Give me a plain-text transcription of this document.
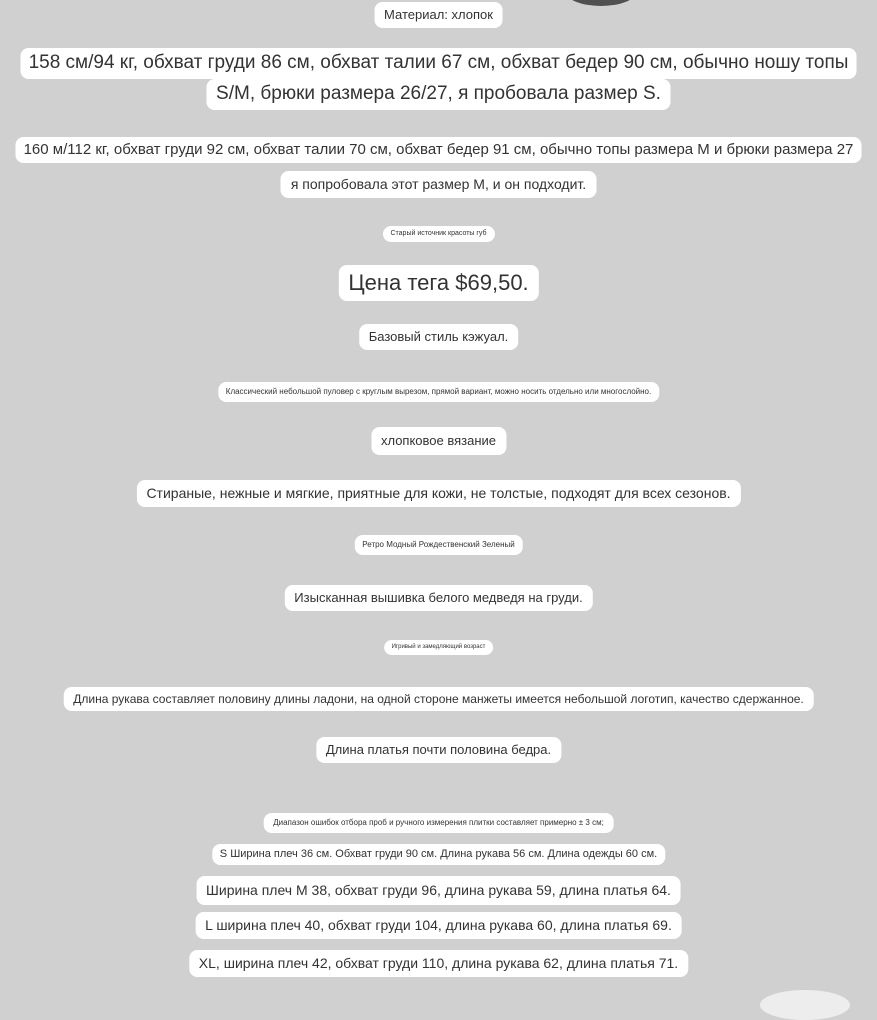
Материал: хлопок
158 см/94 кг, обхват груди 86 см, обхват талии 67 см, обхват бедер 90 см, обычно ношу топы
S/M, брюки размера 26/27, я пробовала размер S.
160 м/112 кг, обхват груди 92 см, обхват талии 70 см, обхват бедер 91 см, обычно топы размера M и брюки размера 27
я попробовала этот размер M, и он подходит.
Старый источник красоты губ
Цена тега $69,50.
Базовый стиль кэжуал.
Классический небольшой пуловер с круглым вырезом, прямой вариант, можно носить отдельно или многослойно.
хлопковое вязание
Стираные, нежные и мягкие, приятные для кожи, не толстые, подходят для всех сезонов.
Ретро Модный Рождественский Зеленый
Изысканная вышивка белого медведя на груди.
Игривый и замедляющий возраст
Длина рукава составляет половину длины ладони, на одной стороне манжеты имеется небольшой логотип, качество сдержанное.
Длина платья почти половина бедра.
Диапазон ошибок отбора проб и ручного измерения плитки составляет примерно ± 3 см;
S Ширина плеч 36 см. Обхват груди 90 см. Длина рукава 56 см. Длина одежды 60 см.
Ширина плеч M 38, обхват груди 96, длина рукава 59, длина платья 64.
L ширина плеч 40, обхват груди 104, длина рукава 60, длина платья 69.
XL, ширина плеч 42, обхват груди 110, длина рукава 62, длина платья 71.
